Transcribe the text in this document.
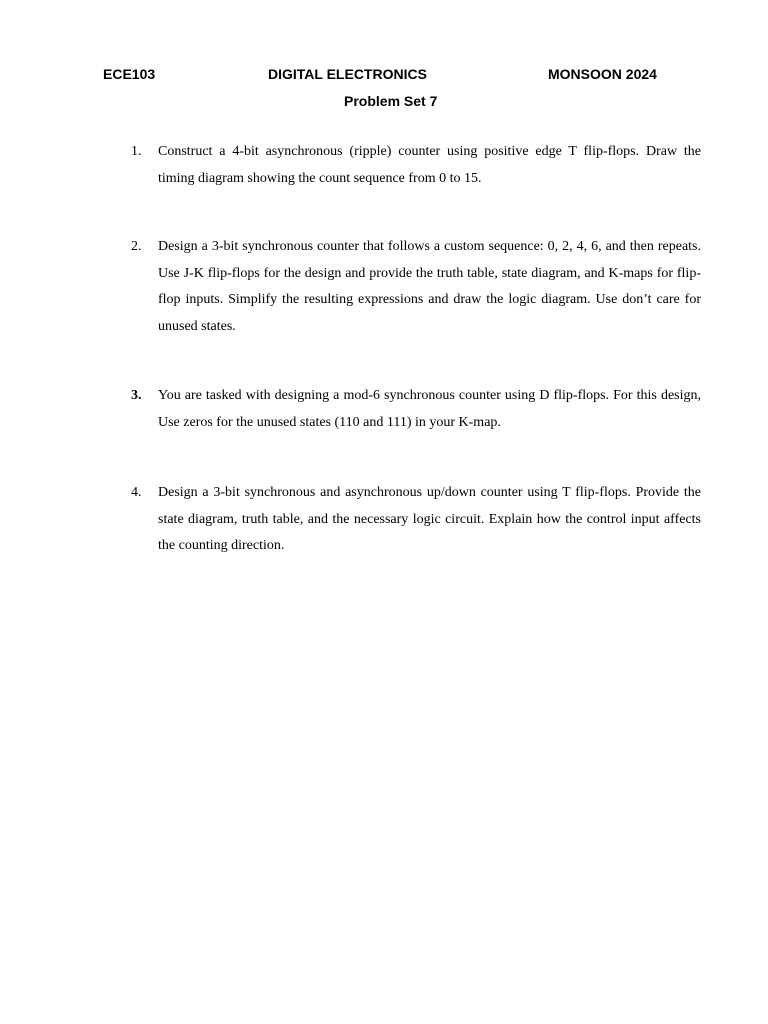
ECE103	DIGITAL ELECTRONICS	MONSOON 2024
Problem Set 7
1.	Construct a 4-bit asynchronous (ripple) counter using positive edge T flip-flops. Draw the timing diagram showing the count sequence from 0 to 15.
2.	Design a 3-bit synchronous counter that follows a custom sequence: 0, 2, 4, 6, and then repeats. Use J-K flip-flops for the design and provide the truth table, state diagram, and K-maps for flip-flop inputs. Simplify the resulting expressions and draw the logic diagram. Use don’t care for unused states.
3.	You are tasked with designing a mod-6 synchronous counter using D flip-flops. For this design, Use zeros for the unused states (110 and 111) in your K-map.
4.	Design a 3-bit synchronous and asynchronous up/down counter using T flip-flops. Provide the state diagram, truth table, and the necessary logic circuit. Explain how the control input affects the counting direction.
